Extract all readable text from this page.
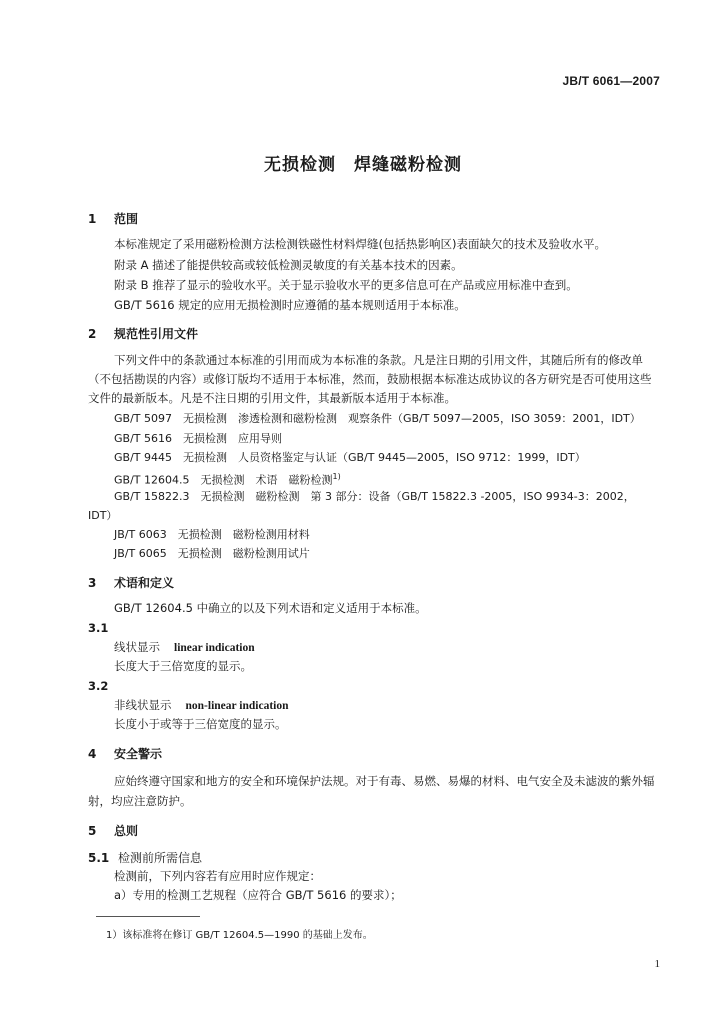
JB/T 6061—2007
无损检测　焊缝磁粉检测
1 范围
本标准规定了采用磁粉检测方法检测铁磁性材料焊缝(包括热影响区)表面缺欠的技术及验收水平。
附录 A 描述了能提供较高或较低检测灵敏度的有关基本技术的因素。
附录 B 推荐了显示的验收水平。关于显示验收水平的更多信息可在产品或应用标准中查到。
GB/T 5616 规定的应用无损检测时应遵循的基本规则适用于本标准。
2 规范性引用文件
下列文件中的条款通过本标准的引用而成为本标准的条款。凡是注日期的引用文件，其随后所有的修改单（不包括勘误的内容）或修订版均不适用于本标准，然而，鼓励根据本标准达成协议的各方研究是否可使用这些文件的最新版本。凡是不注日期的引用文件，其最新版本适用于本标准。
GB/T 5097　无损检测　渗透检测和磁粉检测　观察条件（GB/T 5097—2005，ISO 3059：2001，IDT）
GB/T 5616　无损检测　应用导则
GB/T 9445　无损检测　人员资格鉴定与认证（GB/T 9445—2005，ISO 9712：1999，IDT）
GB/T 12604.5　无损检测　术语　磁粉检测$^{1)}$
GB/T 15822.3　无损检测　磁粉检测　第 3 部分：设备（GB/T 15822.3 -2005，ISO 9934-3：2002，
IDT）
JB/T 6063　无损检测　磁粉检测用材料
JB/T 6065　无损检测　磁粉检测用试片
3 术语和定义
GB/T 12604.5 中确立的以及下列术语和定义适用于本标准。
3.1
线状显示 linear indication
长度大于三倍宽度的显示。
3.2
非线状显示 non-linear indication
长度小于或等于三倍宽度的显示。
4 安全警示
应始终遵守国家和地方的安全和环境保护法规。对于有毒、易燃、易爆的材料、电气安全及未滤波的紫外辐射，均应注意防护。
5 总则
5.1 检测前所需信息
检测前，下列内容若有应用时应作规定：
a）专用的检测工艺规程（应符合 GB/T 5616 的要求）；
1）该标准将在修订 GB/T 12604.5—1990 的基础上发布。
1
